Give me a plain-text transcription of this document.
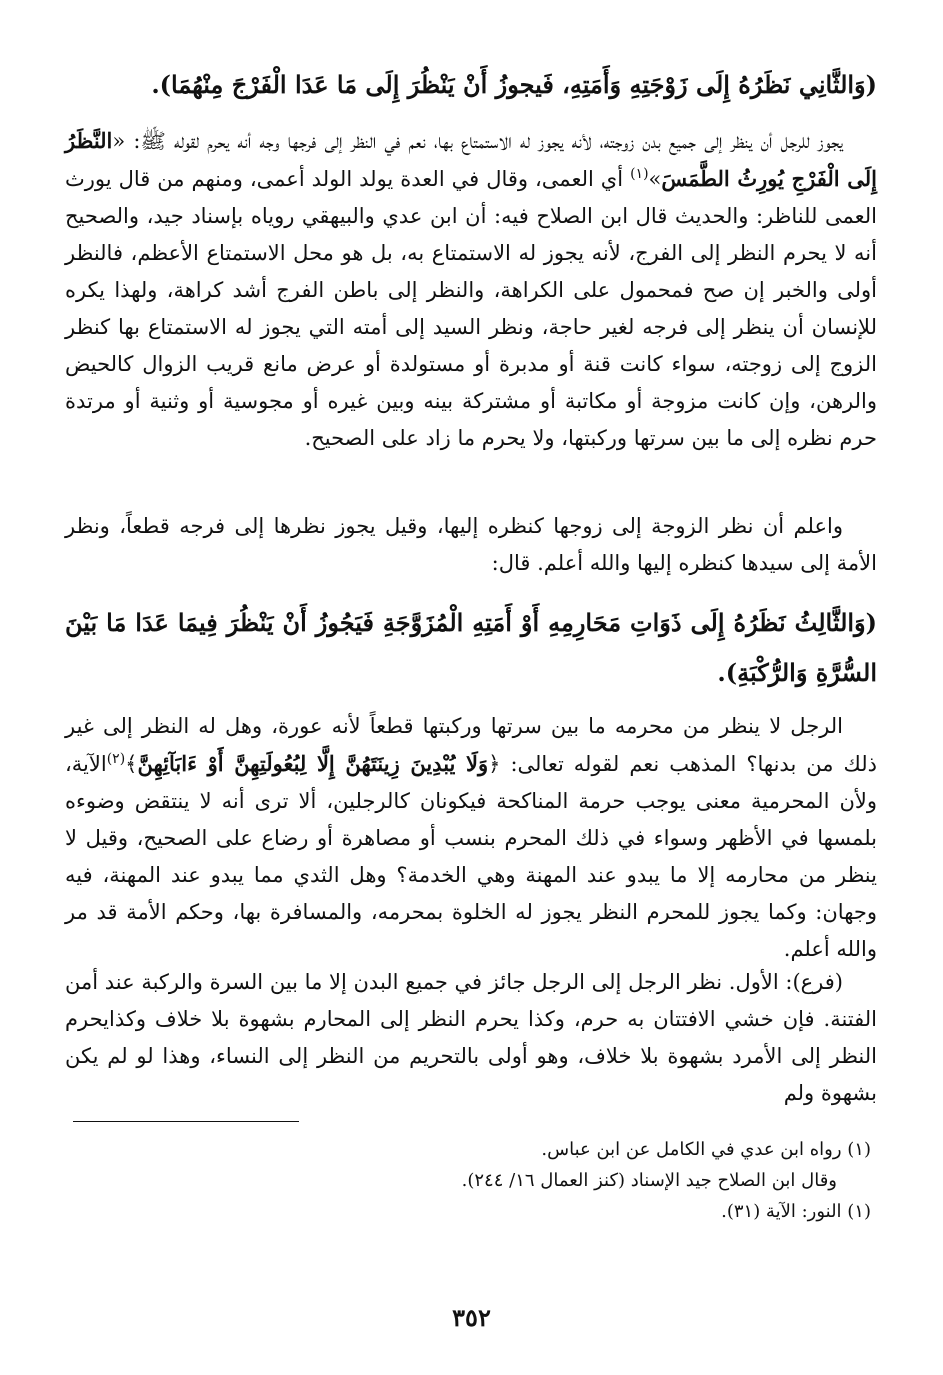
(وَالثَّانِي نَظَرُهُ إِلَى زَوْجَتِهِ وَأَمَتِهِ، فَيجوزُ أَنْ يَنْظُرَ إِلَى مَا عَدَا الْفَرْجَ مِنْهُمَا).

يجوز للرجل أن ينظر إلى جميع بدن زوجته، لأنه يجوز له الاستمتاع بها، نعم في النظر إلى فرجها وجه أنه يحرم لقوله ﷺ: «النَّظَرُ إِلَى الْفَرْجِ يُورِثُ الطَّمَسَ»$^{(١)}$ أي العمى، وقال في العدة يولد الولد أعمى، ومنهم من قال يورث العمى للناظر: والحديث قال ابن الصلاح فيه: أن ابن عدي والبيهقي روياه بإسناد جيد، والصحيح أنه لا يحرم النظر إلى الفرج، لأنه يجوز له الاستمتاع به، بل هو محل الاستمتاع الأعظم، فالنظر أولى والخبر إن صح فمحمول على الكراهة، والنظر إلى باطن الفرج أشد كراهة، ولهذا يكره للإنسان أن ينظر إلى فرجه لغير حاجة، ونظر السيد إلى أمته التي يجوز له الاستمتاع بها كنظر الزوج إلى زوجته، سواء كانت قنة أو مدبرة أو مستولدة أو عرض مانع قريب الزوال كالحيض والرهن، وإن كانت مزوجة أو مكاتبة أو مشتركة بينه وبين غيره أو مجوسية أو وثنية أو مرتدة حرم نظره إلى ما بين سرتها وركبتها، ولا يحرم ما زاد على الصحيح.

واعلم أن نظر الزوجة إلى زوجها كنظره إليها، وقيل يجوز نظرها إلى فرجه قطعاً، ونظر الأمة إلى سيدها كنظره إليها والله أعلم. قال:

(وَالثَّالِثُ نَظَرُهُ إِلَى ذَوَاتِ مَحَارِمِهِ أَوْ أَمَتِهِ الْمُزَوَّجَةِ فَيَجُوزُ أَنْ يَنْظُرَ فِيمَا عَدَا مَا بَيْنَ السُّرَّةِ وَالرُّكْبَةِ).

الرجل لا ينظر من محرمه ما بين سرتها وركبتها قطعاً لأنه عورة، وهل له النظر إلى غير ذلك من بدنها؟ المذهب نعم لقوله تعالى: ﴿وَلَا يُبْدِينَ زِينَتَهُنَّ إِلَّا لِبُعُولَتِهِنَّ أَوْ ءَابَآئِهِنَّ﴾$^{(٢)}$الآية، ولأن المحرمية معنى يوجب حرمة المناكحة فيكونان كالرجلين، ألا ترى أنه لا ينتقض وضوءه بلمسها في الأظهر وسواء في ذلك المحرم بنسب أو مصاهرة أو رضاع على الصحيح، وقيل لا ينظر من محارمه إلا ما يبدو عند المهنة وهي الخدمة؟ وهل الثدي مما يبدو عند المهنة، فيه وجهان: وكما يجوز للمحرم النظر يجوز له الخلوة بمحرمه، والمسافرة بها، وحكم الأمة قد مر والله أعلم.

(فرع): الأول. نظر الرجل إلى الرجل جائز في جميع البدن إلا ما بين السرة والركبة عند أمن الفتنة. فإن خشي الافتتان به حرم، وكذا يحرم النظر إلى المحارم بشهوة بلا خلاف وكذايحرم النظر إلى الأمرد بشهوة بلا خلاف، وهو أولى بالتحريم من النظر إلى النساء، وهذا لو لم يكن بشهوة ولم

(١) رواه ابن عدي في الكامل عن ابن عباس.
وقال ابن الصلاح جيد الإسناد (كنز العمال ١٦/ ٢٤٤).
(١) النور: الآية (٣١).
٣٥٢
